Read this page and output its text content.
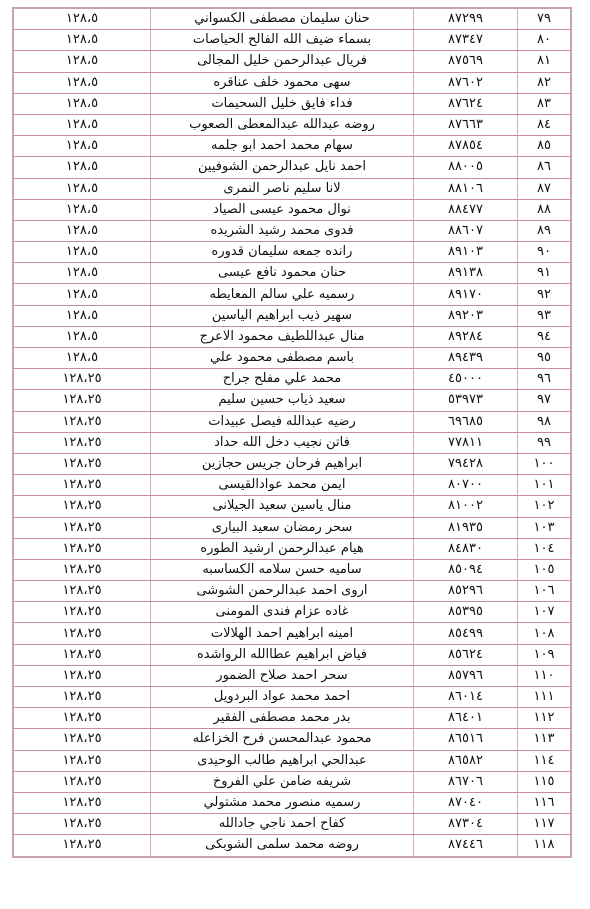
٧٩	٨٧٢٩٩	حنان سليمان مصطفى الكسواني	١٢٨،٥
٨٠	٨٧٣٤٧	بسماء ضيف الله الفالح الحياصات	١٢٨،٥
٨١	٨٧٥٦٩	فريال عبدالرحمن خليل المجالى	١٢٨،٥
٨٢	٨٧٦٠٢	سهى محمود خلف عناقره	١٢٨،٥
٨٣	٨٧٦٢٤	فداء فايق خليل السحيمات	١٢٨،٥
٨٤	٨٧٦٦٣	روضه عبدالله عبدالمعطى الصعوب	١٢٨،٥
٨٥	٨٧٨٥٤	سهام محمد احمد ابو جلمه	١٢٨،٥
٨٦	٨٨٠٠٥	احمد نايل عبدالرحمن الشوفيين	١٢٨،٥
٨٧	٨٨١٠٦	لانا سليم ناصر النمرى	١٢٨،٥
٨٨	٨٨٤٧٧	نوال محمود عيسى الصياد	١٢٨،٥
٨٩	٨٨٦٠٧	فدوى محمد رشيد الشريده	١٢٨،٥
٩٠	٨٩١٠٣	رانده جمعه سليمان قدوره	١٢٨،٥
٩١	٨٩١٣٨	حنان محمود نافع عيسى	١٢٨،٥
٩٢	٨٩١٧٠	رسميه علي سالم المعايطه	١٢٨،٥
٩٣	٨٩٢٠٣	سهير ذيب ابراهيم الياسين	١٢٨،٥
٩٤	٨٩٢٨٤	منال عبداللطيف محمود الاعرج	١٢٨،٥
٩٥	٨٩٤٣٩	باسم مصطفى محمود علي	١٢٨،٥
٩٦	٤٥٠٠٠	محمد علي مفلح جراح	١٢٨،٢٥
٩٧	٥٣٩٧٣	سعيد ذياب حسين سليم	١٢٨،٢٥
٩٨	٦٩٦٨٥	رضيه عبدالله فيصل عبيدات	١٢٨،٢٥
٩٩	٧٧٨١١	فاتن نجيب دخل الله حداد	١٢٨،٢٥
١٠٠	٧٩٤٢٨	ابراهيم فرحان جريس حجازين	١٢٨،٢٥
١٠١	٨٠٧٠٠	ايمن محمد عوادالقيسى	١٢٨،٢٥
١٠٢	٨١٠٠٢	منال ياسين سعيد الجيلانى	١٢٨،٢٥
١٠٣	٨١٩٣٥	سحر رمضان سعيد البيارى	١٢٨،٢٥
١٠٤	٨٤٨٣٠	هيام عبدالرحمن ارشيد الطوره	١٢٨،٢٥
١٠٥	٨٥٠٩٤	ساميه حسن سلامه الكساسبه	١٢٨،٢٥
١٠٦	٨٥٢٩٦	اروى احمد عبدالرحمن الشوشى	١٢٨،٢٥
١٠٧	٨٥٣٩٥	غاده عزام فندى المومنى	١٢٨،٢٥
١٠٨	٨٥٤٩٩	امينه ابراهيم احمد الهلالات	١٢٨،٢٥
١٠٩	٨٥٦٢٤	فياض ابراهيم عطاالله الرواشده	١٢٨،٢٥
١١٠	٨٥٧٩٦	سحر احمد صلاح الضمور	١٢٨،٢٥
١١١	٨٦٠١٤	احمد محمد عواد البردويل	١٢٨،٢٥
١١٢	٨٦٤٠١	بدر محمد مصطفى الفقير	١٢٨،٢٥
١١٣	٨٦٥١٦	محمود عبدالمحسن فرح الخزاعله	١٢٨،٢٥
١١٤	٨٦٥٨٢	عبدالحي ابراهيم طالب الوحيدى	١٢٨،٢٥
١١٥	٨٦٧٠٦	شريفه ضامن علي الفروخ	١٢٨،٢٥
١١٦	٨٧٠٤٠	رسميه منصور محمد مشتولي	١٢٨،٢٥
١١٧	٨٧٣٠٤	كفاح احمد ناجي جادالله	١٢٨،٢٥
١١٨	٨٧٤٤٦	روضه محمد سلمى الشوبكى	١٢٨،٢٥
